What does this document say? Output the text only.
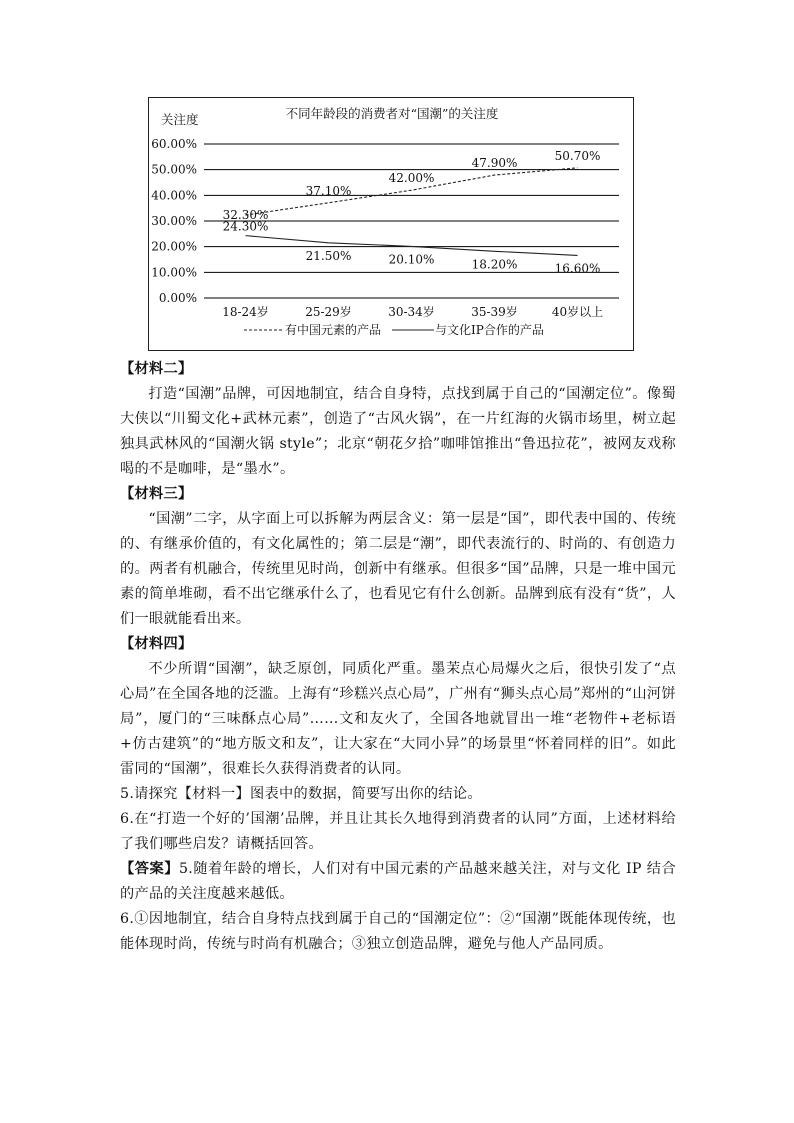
不同年龄段的消费者对“国潮”的关注度
关注度
0.00%
10.00%
20.00%
30.00%
40.00%
50.00%
60.00%
18-24岁	25-29岁	30-34岁	35-39岁	40岁以上
32.30%
37.10%
42.00%
47.90%
50.70%
24.30%
21.50%	20.10%	18.20%	16.60%
有中国元素的产品	与文化IP合作的产品
【材料二】

打造“国潮”品牌，可因地制宜，结合自身特，点找到属于自己的“国潮定位”。像蜀大侠以“川蜀文化+武林元素”，创造了“古风火锅”，在一片红海的火锅市场里，树立起独具武林风的“国潮火锅 style”；北京“朝花夕拾”咖啡馆推出“鲁迅拉花”，被网友戏称喝的不是咖啡，是“墨水”。

【材料三】

“国潮”二字，从字面上可以拆解为两层含义：第一层是“国”，即代表中国的、传统的、有继承价值的，有文化属性的；第二层是“潮”，即代表流行的、时尚的、有创造力的。两者有机融合，传统里见时尚，创新中有继承。但很多“国”品牌，只是一堆中国元素的简单堆砌，看不出它继承什么了，也看见它有什么创新。品牌到底有没有“货”，人们一眼就能看出来。

【材料四】

不少所谓“国潮”，缺乏原创，同质化严重。墨茉点心局爆火之后，很快引发了“点心局”在全国各地的泛滥。上海有“珍糕兴点心局”，广州有“狮头点心局”郑州的“山河饼局”，厦门的“三味酥点心局”……文和友火了，全国各地就冒出一堆“老物件+老标语+仿古建筑”的“地方版文和友”，让大家在“大同小异”的场景里“怀着同样的旧”。如此雷同的“国潮”，很难长久获得消费者的认同。

5.请探究【材料一】图表中的数据，简要写出你的结论。

6.在“打造一个好的’国潮’品牌，并且让其长久地得到消费者的认同”方面，上述材料给了我们哪些启发？请概括回答。

【答案】5.随着年龄的增长，人们对有中国元素的产品越来越关注，对与文化 IP 结合的产品的关注度越来越低。

6.①因地制宜，结合自身特点找到属于自己的“国潮定位”：②“国潮”既能体现传统，也能体现时尚，传统与时尚有机融合；③独立创造品牌，避免与他人产品同质。
